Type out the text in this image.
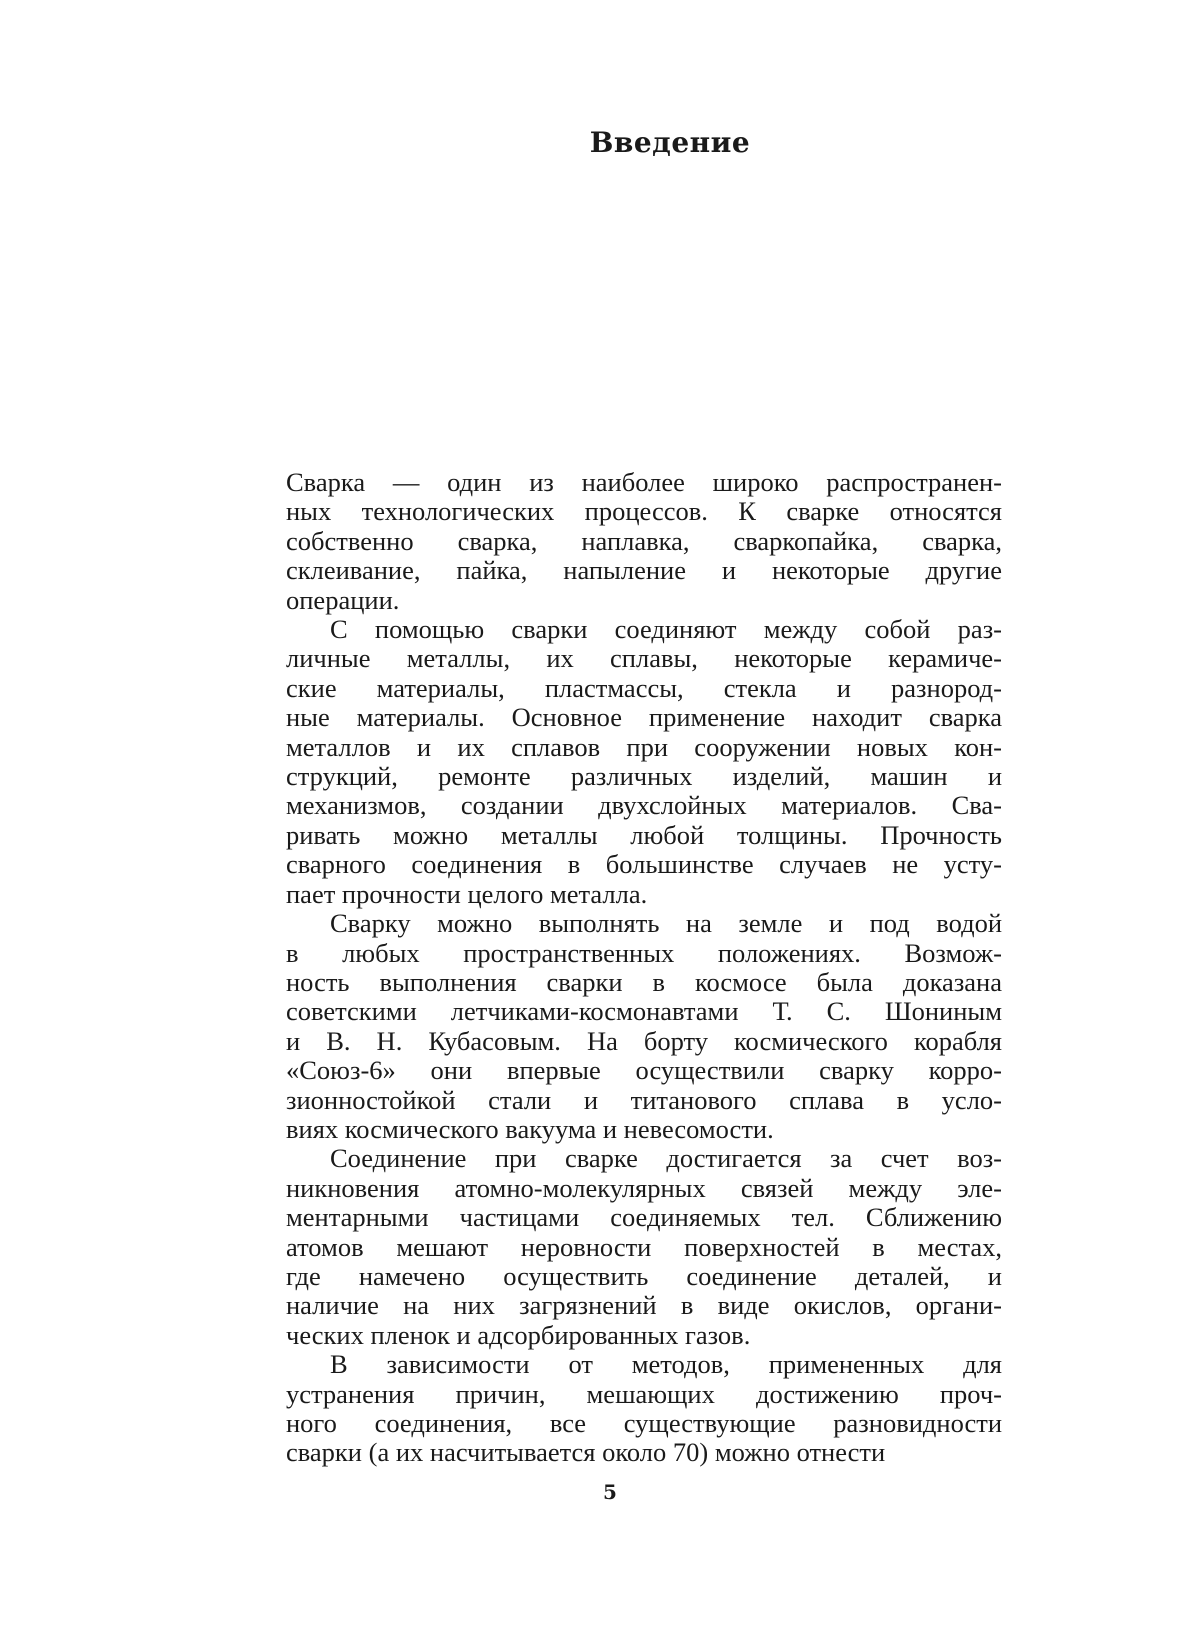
Введение
Сварка — один из наиболее широко распространен-
ных технологических процессов. К сварке относятся
собственно сварка, наплавка, сваркопайка, сварка,
склеивание, пайка, напыление и некоторые другие
операции.
С помощью сварки соединяют между собой раз-
личные металлы, их сплавы, некоторые керамиче-
ские материалы, пластмассы, стекла и разнород-
ные материалы. Основное применение находит сварка
металлов и их сплавов при сооружении новых кон-
струкций, ремонте различных изделий, машин и
механизмов, создании двухслойных материалов. Сва-
ривать можно металлы любой толщины. Прочность
сварного соединения в большинстве случаев не усту-
пает прочности целого металла.
Сварку можно выполнять на земле и под водой
в любых пространственных положениях. Возмож-
ность выполнения сварки в космосе была доказана
советскими летчиками-космонавтами Т. С. Шониным
и В. Н. Кубасовым. На борту космического корабля
«Союз-6» они впервые осуществили сварку корро-
зионностойкой стали и титанового сплава в усло-
виях космического вакуума и невесомости.
Соединение при сварке достигается за счет воз-
никновения атомно-молекулярных связей между эле-
ментарными частицами соединяемых тел. Сближению
атомов мешают неровности поверхностей в местах,
где намечено осуществить соединение деталей, и
наличие на них загрязнений в виде окислов, органи-
ческих пленок и адсорбированных газов.
В зависимости от методов, примененных для
устранения причин, мешающих достижению проч-
ного соединения, все существующие разновидности
сварки (а их насчитывается около 70) можно отнести
5
